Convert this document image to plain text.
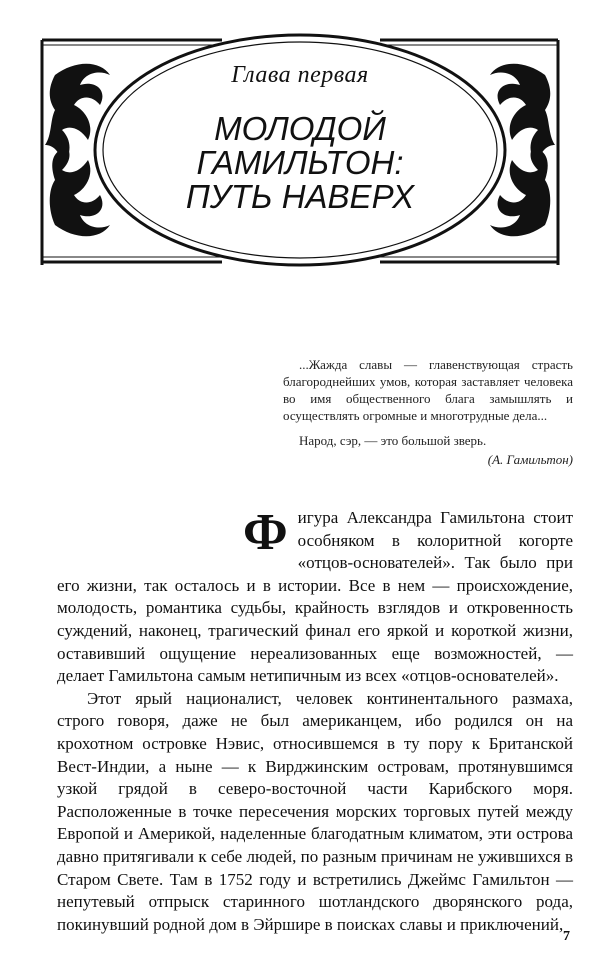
Глава первая
МОЛОДОЙ
ГАМИЛЬТОН:
ПУТЬ НАВЕРХ

...Жажда славы — главенствующая страсть благороднейших умов, которая заставляет человека во имя общественного блага замышлять и осуществлять огромные и многотрудные дела...

Народ, сэр, — это большой зверь.

(А. Гамильтон)

Фигура Александра Гамильтона стоит особняком в колоритной когорте «отцов-основателей». Так было при его жизни, так осталось и в истории. Все в нем — происхождение, молодость, романтика судьбы, крайность взглядов и откровенность суждений, наконец, трагический финал его яркой и короткой жизни, оставивший ощущение нереализованных еще возможностей, — делает Гамильтона самым нетипичным из всех «отцов-основателей».

Этот ярый националист, человек континентального размаха, строго говоря, даже не был американцем, ибо родился он на крохотном островке Нэвис, относившемся в ту пору к Британской Вест-Индии, а ныне — к Вирджинским островам, протянувшимся узкой грядой в северо-восточной части Карибского моря. Расположенные в точке пересечения морских торговых путей между Европой и Америкой, наделенные благодатным климатом, эти острова давно притягивали к себе людей, по разным причинам не ужившихся в Старом Свете. Там в 1752 году и встретились Джеймс Гамильтон — непутевый отпрыск старинного шотландского дворянского рода, покинувший родной дом в Эйршире в поисках славы и приключений,

7
